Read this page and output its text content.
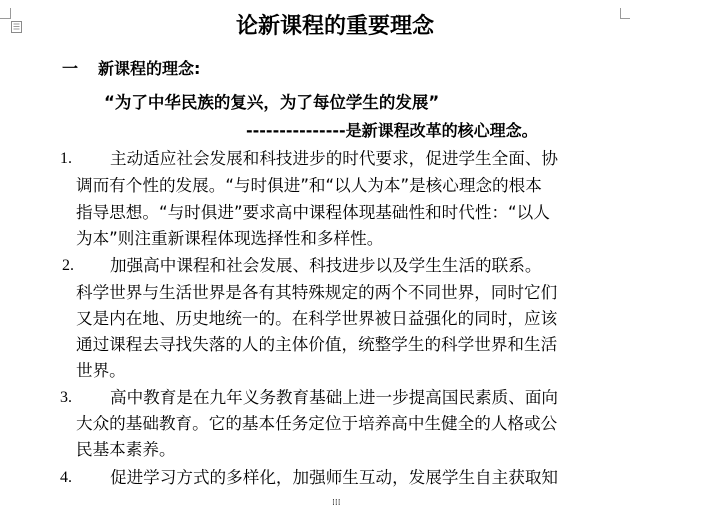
论新课程的重要理念
一 新课程的理念:
“为了中华民族的复兴，为了每位学生的发展”
---------------是新课程改革的核心理念。
1. 主动适应社会发展和科技进步的时代要求，促进学生全面、协
调而有个性的发展。“与时俱进”和“以人为本”是核心理念的根本
指导思想。“与时俱进”要求高中课程体现基础性和时代性：“以人
为本”则注重新课程体现选择性和多样性。
2. 加强高中课程和社会发展、科技进步以及学生生活的联系。
科学世界与生活世界是各有其特殊规定的两个不同世界，同时它们
又是内在地、历史地统一的。在科学世界被日益强化的同时，应该
通过课程去寻找失落的人的主体价值，统整学生的科学世界和生活
世界。
3. 高中教育是在九年义务教育基础上进一步提高国民素质、面向
大众的基础教育。它的基本任务定位于培养高中生健全的人格或公
民基本素养。
4. 促进学习方式的多样化，加强师生互动，发展学生自主获取知
⁞⁞⁞
